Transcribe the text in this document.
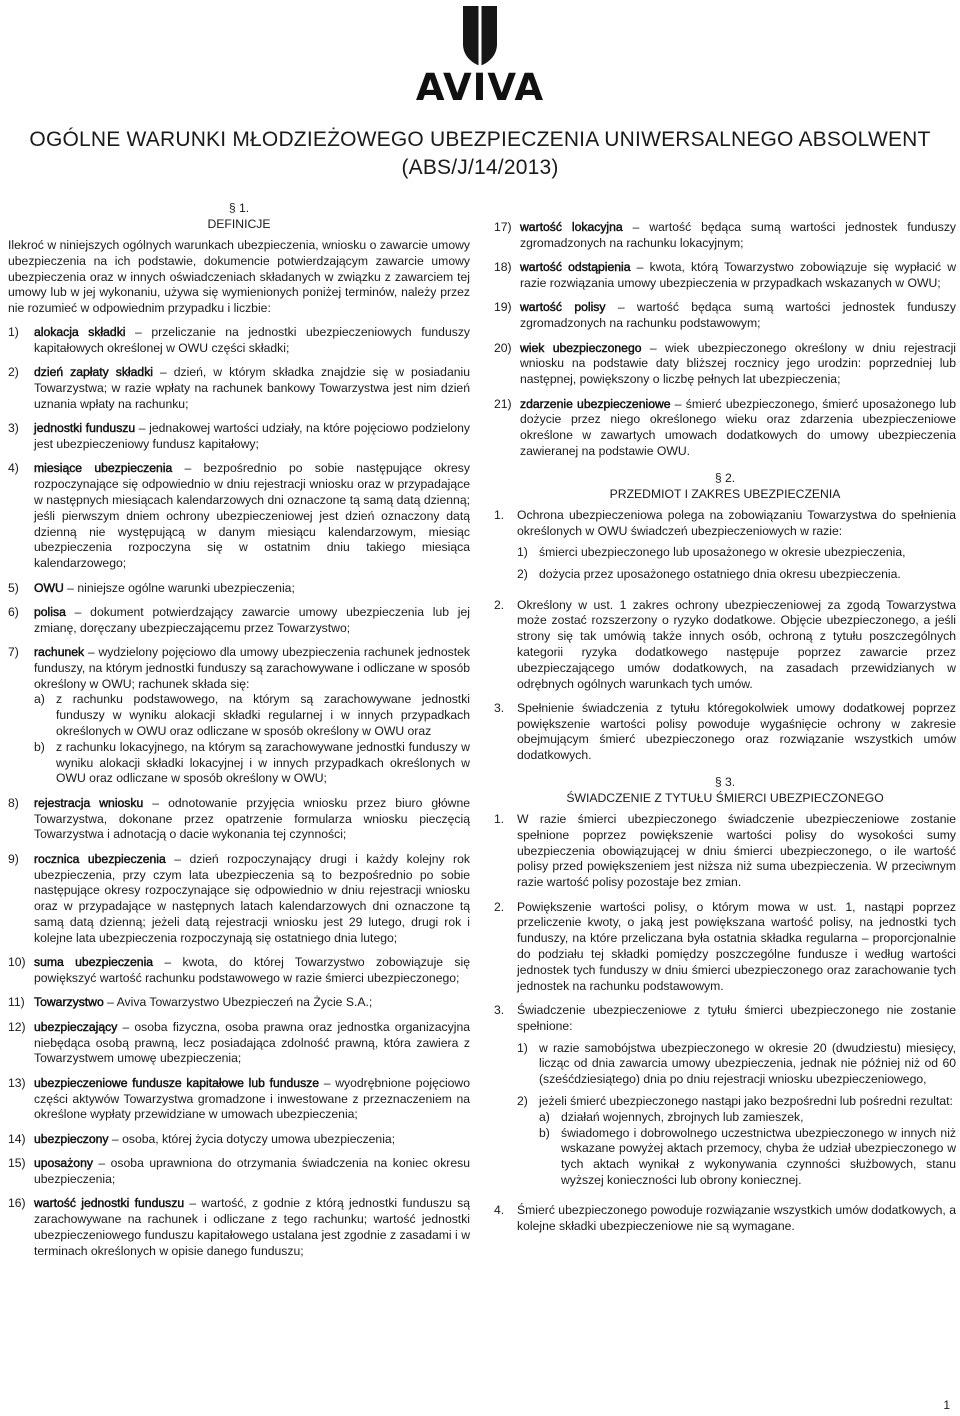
AVIVA
OGÓLNE WARUNKI MŁODZIEŻOWEGO UBEZPIECZENIA UNIWERSALNEGO ABSOLWENT
(ABS/J/14/2013)
§ 1.
DEFINICJE
Ilekroć w niniejszych ogólnych warunkach ubezpieczenia, wniosku o zawarcie umowy ubezpieczenia na ich podstawie, dokumencie potwierdzającym zawarcie umowy ubezpieczenia oraz w innych oświadczeniach składanych w związku z zawarciem tej umowy lub w jej wykonaniu, używa się wymienionych poniżej terminów, należy przez nie rozumieć w odpowiednim przypadku i liczbie:
1)	alokacja składki – przeliczanie na jednostki ubezpieczeniowych funduszy kapitałowych określonej w OWU części składki;
2)	dzień zapłaty składki – dzień, w którym składka znajdzie się w posiadaniu Towarzystwa; w razie wpłaty na rachunek bankowy Towarzystwa jest nim dzień uznania wpłaty na rachunku;
3)	jednostki funduszu – jednakowej wartości udziały, na które pojęciowo podzielony jest ubezpieczeniowy fundusz kapitałowy;
4)	miesiące ubezpieczenia – bezpośrednio po sobie następujące okresy rozpoczynające się odpowiednio w dniu rejestracji wniosku oraz w przypadające w następnych miesiącach kalendarzowych dni oznaczone tą samą datą dzienną; jeśli pierwszym dniem ochrony ubezpieczeniowej jest dzień oznaczony datą dzienną nie występującą w danym miesiącu kalendarzowym, miesiąc ubezpieczenia rozpoczyna się w ostatnim dniu takiego miesiąca kalendarzowego;
5)	OWU – niniejsze ogólne warunki ubezpieczenia;
6)	polisa – dokument potwierdzający zawarcie umowy ubezpieczenia lub jej zmianę, doręczany ubezpieczającemu przez Towarzystwo;
7)	rachunek – wydzielony pojęciowo dla umowy ubezpieczenia rachunek jednostek funduszy, na którym jednostki funduszy są zarachowywane i odliczane w sposób określony w OWU; rachunek składa się:
a) z rachunku podstawowego, na którym są zarachowywane jednostki funduszy w wyniku alokacji składki regularnej i w innych przypadkach określonych w OWU oraz odliczane w sposób określony w OWU oraz
b) z rachunku lokacyjnego, na którym są zarachowywane jednostki funduszy w wyniku alokacji składki lokacyjnej i w innych przypadkach określonych w OWU oraz odliczane w sposób określony w OWU;
8)	rejestracja wniosku – odnotowanie przyjęcia wniosku przez biuro główne Towarzystwa, dokonane przez opatrzenie formularza wniosku pieczęcią Towarzystwa i adnotacją o dacie wykonania tej czynności;
9)	rocznica ubezpieczenia – dzień rozpoczynający drugi i każdy kolejny rok ubezpieczenia, przy czym lata ubezpieczenia są to bezpośrednio po sobie następujące okresy rozpoczynające się odpowiednio w dniu rejestracji wniosku oraz w przypadające w następnych latach kalendarzowych dni oznaczone tą samą datą dzienną; jeżeli datą rejestracji wniosku jest 29 lutego, drugi rok i kolejne lata ubezpieczenia rozpoczynają się ostatniego dnia lutego;
10) suma ubezpieczenia – kwota, do której Towarzystwo zobowiązuje się powiększyć wartość rachunku podstawowego w razie śmierci ubezpieczonego;
11) Towarzystwo – Aviva Towarzystwo Ubezpieczeń na Życie S.A.;
12) ubezpieczający – osoba fizyczna, osoba prawna oraz jednostka organizacyjna niebędąca osobą prawną, lecz posiadająca zdolność prawną, która zawiera z Towarzystwem umowę ubezpieczenia;
13) ubezpieczeniowe fundusze kapitałowe lub fundusze – wyodrębnione pojęciowo części aktywów Towarzystwa gromadzone i inwestowane z przeznaczeniem na określone wypłaty przewidziane w umowach ubezpieczenia;
14) ubezpieczony – osoba, której życia dotyczy umowa ubezpieczenia;
15) uposażony – osoba uprawniona do otrzymania świadczenia na koniec okresu ubezpieczenia;
16) wartość jednostki funduszu – wartość, z godnie z którą jednostki funduszu są zarachowywane na rachunek i odliczane z tego rachunku; wartość jednostki ubezpieczeniowego funduszu kapitałowego ustalana jest zgodnie z zasadami i w terminach określonych w opisie danego funduszu;
17) wartość lokacyjna – wartość będąca sumą wartości jednostek funduszy zgromadzonych na rachunku lokacyjnym;
18) wartość odstąpienia – kwota, którą Towarzystwo zobowiązuje się wypłacić w razie rozwiązania umowy ubezpieczenia w przypadkach wskazanych w OWU;
19) wartość polisy – wartość będąca sumą wartości jednostek funduszy zgromadzonych na rachunku podstawowym;
20) wiek ubezpieczonego – wiek ubezpieczonego określony w dniu rejestracji wniosku na podstawie daty bliższej rocznicy jego urodzin: poprzedniej lub następnej, powiększony o liczbę pełnych lat ubezpieczenia;
21) zdarzenie ubezpieczeniowe – śmierć ubezpieczonego, śmierć uposażonego lub dożycie przez niego określonego wieku oraz zdarzenia ubezpieczeniowe określone w zawartych umowach dodatkowych do umowy ubezpieczenia zawieranej na podstawie OWU.
§ 2.
PRZEDMIOT I ZAKRES UBEZPIECZENIA
1.	Ochrona ubezpieczeniowa polega na zobowiązaniu Towarzystwa do spełnienia określonych w OWU świadczeń ubezpieczeniowych w razie:
1) śmierci ubezpieczonego lub uposażonego w okresie ubezpieczenia,
2) dożycia przez uposażonego ostatniego dnia okresu ubezpieczenia.
2.	Określony w ust. 1 zakres ochrony ubezpieczeniowej za zgodą Towarzystwa może zostać rozszerzony o ryzyko dodatkowe. Objęcie ubezpieczonego, a jeśli strony się tak umówią także innych osób, ochroną z tytułu poszczególnych kategorii ryzyka dodatkowego następuje poprzez zawarcie przez ubezpieczającego umów dodatkowych, na zasadach przewidzianych w odrębnych ogólnych warunkach tych umów.
3.	Spełnienie świadczenia z tytułu któregokolwiek umowy dodatkowej poprzez powiększenie wartości polisy powoduje wygaśnięcie ochrony w zakresie obejmującym śmierć ubezpieczonego oraz rozwiązanie wszystkich umów dodatkowych.
§ 3.
ŚWIADCZENIE Z TYTUŁU ŚMIERCI UBEZPIECZONEGO
1.	W razie śmierci ubezpieczonego świadczenie ubezpieczeniowe zostanie spełnione poprzez powiększenie wartości polisy do wysokości sumy ubezpieczenia obowiązującej w dniu śmierci ubezpieczonego, o ile wartość polisy przed powiększeniem jest niższa niż suma ubezpieczenia. W przeciwnym razie wartość polisy pozostaje bez zmian.
2.	Powiększenie wartości polisy, o którym mowa w ust. 1, nastąpi poprzez przeliczenie kwoty, o jaką jest powiększana wartość polisy, na jednostki tych funduszy, na które przeliczana była ostatnia składka regularna – proporcjonalnie do podziału tej składki pomiędzy poszczególne fundusze i według wartości jednostek tych funduszy w dniu śmierci ubezpieczonego oraz zarachowanie tych jednostek na rachunku podstawowym.
3.	Świadczenie ubezpieczeniowe z tytułu śmierci ubezpieczonego nie zostanie spełnione:
1) w razie samobójstwa ubezpieczonego w okresie 20 (dwudziestu) miesięcy, licząc od dnia zawarcia umowy ubezpieczenia, jednak nie później niż od 60 (sześćdziesiątego) dnia po dniu rejestracji wniosku ubezpieczeniowego,
2) jeżeli śmierć ubezpieczonego nastąpi jako bezpośredni lub pośredni rezultat:
a) działań wojennych, zbrojnych lub zamieszek,
b) świadomego i dobrowolnego uczestnictwa ubezpieczonego w innych niż wskazane powyżej aktach przemocy, chyba że udział ubezpieczonego w tych aktach wynikał z wykonywania czynności służbowych, stanu wyższej konieczności lub obrony koniecznej.
4.	Śmierć ubezpieczonego powoduje rozwiązanie wszystkich umów dodatkowych, a kolejne składki ubezpieczeniowe nie są wymagane.
1
